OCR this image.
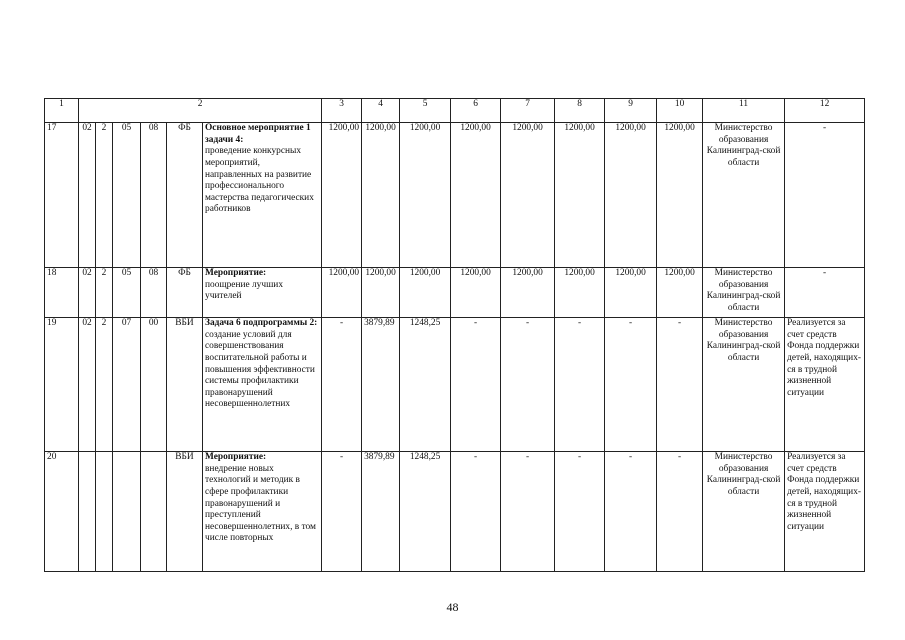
1	2						3	4	5	6	7	8	9	10	11	12	
17	02	2	05	08	ФБ	Основное мероприятие 1 задачи 4:
проведение конкурсных мероприятий, направленных на развитие профессионального мастерства педагогических работников	1200,00	1200,00	1200,00	1200,00	1200,00	1200,00	1200,00	1200,00	Министерство образования Калининград-ской области	-	
18	02	2	05	08	ФБ	Мероприятие:
поощрение лучших учителей	1200,00	1200,00	1200,00	1200,00	1200,00	1200,00	1200,00	1200,00	Министерство образования Калининград-ской области	-	
19	02	2	07	00	ВБИ	Задача 6 подпрограммы 2:
создание условий для совершенствования воспитательной работы и повышения эффективности системы профилактики правонарушений несовершеннолетних	-	3879,89	1248,25	-	-	-	-	-	Министерство образования Калининград-ской области	Реализуется за счет средств Фонда поддержки детей, находящих-ся в трудной жизненной ситуации	
20					ВБИ	Мероприятие:
внедрение новых технологий и методик в сфере профилактики правонарушений и преступлений несовершеннолетних, в том числе повторных	-	3879,89	1248,25	-	-	-	-	-	Министерство образования Калининград-ской области	Реализуется за счет средств Фонда поддержки детей, находящих-ся в трудной жизненной ситуации	
48
